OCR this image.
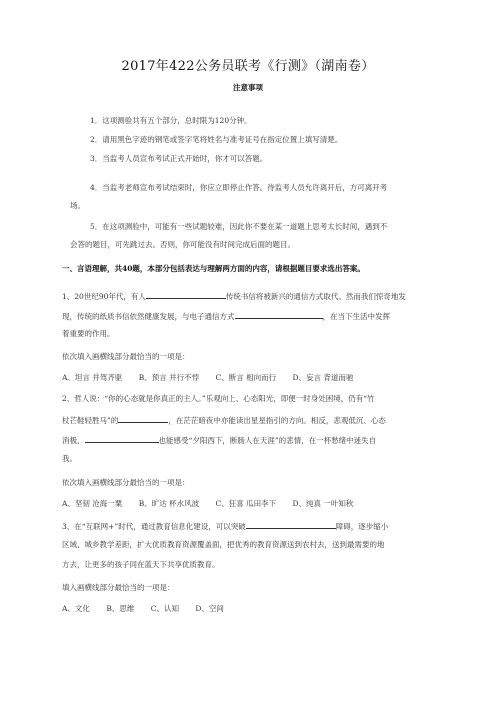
2017年422公务员联考《行测》（湖南卷）
注意事项
1．这项测验共有五个部分，总时限为120分钟。
2．请用黑色字迹的钢笔或签字笔将姓名与准考证号在指定位置上填写清楚。
3．当监考人员宣布考试正式开始时，你才可以答题。
4．当监考老师宣布考试结束时，你应立即停止作答。待监考人员允许离开后，方可离开考
场。
5．在这项测验中，可能有一些试题较难，因此你不要在某一道题上思考太长时间，遇到不
会答的题目，可先跳过去。否则，你可能没有时间完成后面的题目。
一、言语理解，共40题，本部分包括表达与理解两方面的内容，请根据题目要求选出答案。
1、20世纪90年代，有人	传统书信将被新兴的通信方式取代。然而我们惊奇地发
现，传统的纸质书信依然健康发展，与电子通信方式	，在当下生活中发挥
着重要的作用。
依次填入画横线部分最恰当的一项是：
A、坦言 并驾齐驱 B、预言 并行不悖 C、断言 相向而行 D、妄言 背道而驰
2、哲人说：“你的心态就是你真正的主人。”乐观向上、心态阳光，即便一时身处困境，仍有“竹
杖芒鞋轻胜马”的	，在茫茫暗夜中亦能读出星星指引的方向。相反，悲观低沉、心态
消极，	也能感受“夕阳西下，断肠人在天涯”的悲情，在一杯愁绪中迷失自
我。
依次填入画横线部分最恰当的一项是：
A、坚韧 沧海一粟 B、旷达 杯水风波 C、狂喜 瓜田李下 D、纯真 一叶知秋
3、在“互联网+”时代，通过教育信息化建设，可以突破	障碍，逐步缩小
区域、城乡教学差距，扩大优质教育资源覆盖面，把优秀的教育资源送到农村去，送到最需要的地
方去，让更多的孩子同在蓝天下共享优质教育。
填入画横线部分最恰当的一项是：
A、文化 B、思维 C、认知 D、空间
